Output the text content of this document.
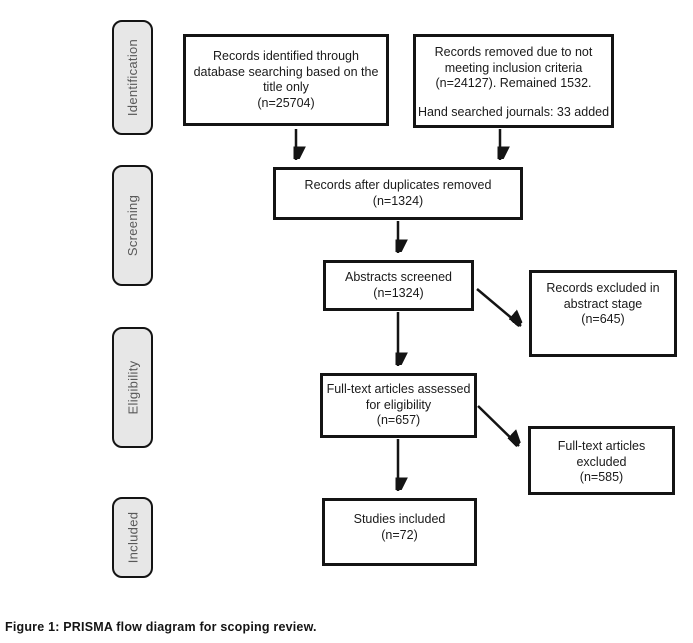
Identification
Screening
Eligibility
Included
Records identified through
database searching based on the
title only
(n=25704)
Records removed due to not
meeting inclusion criteria
(n=24127). Remained 1532.
Hand searched journals: 33 added
Records after duplicates removed
(n=1324)
Abstracts screened
(n=1324)	Records excluded in
abstract stage
(n=645)
Full-text articles assessed
for eligibility
(n=657)
Full-text articles
excluded
(n=585)
Studies included
(n=72)
Figure 1: PRISMA flow diagram for scoping review.
